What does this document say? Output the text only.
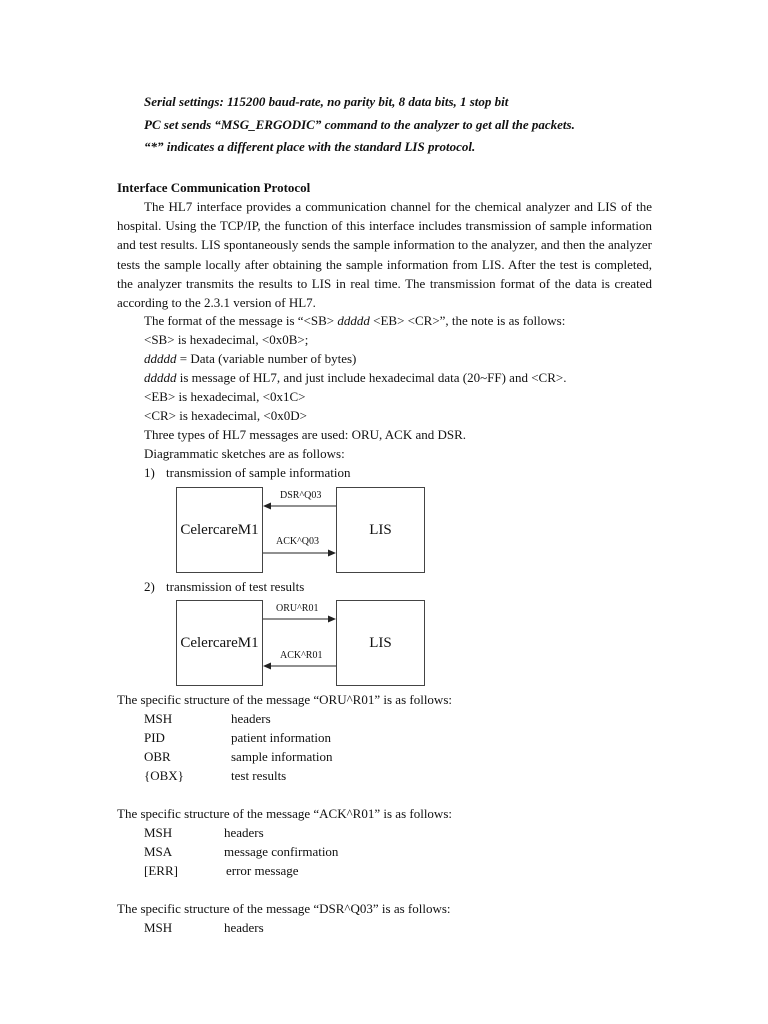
Serial settings: 115200 baud-rate, no parity bit, 8 data bits, 1 stop bit
PC set sends “MSG_ERGODIC” command to the analyzer to get all the packets.
“*” indicates a different place with the standard LIS protocol.
Interface Communication Protocol

The HL7 interface provides a communication channel for the chemical analyzer and LIS of the hospital. Using the TCP/IP, the function of this interface includes transmission of sample information and test results. LIS spontaneously sends the sample information to the analyzer, and then the analyzer tests the sample locally after obtaining the sample information from LIS. After the test is completed, the analyzer transmits the results to LIS in real time. The transmission format of the data is created according to the 2.3.1 version of HL7.

The format of the message is “<SB> ddddd <EB> <CR>”, the note is as follows:
<SB> is hexadecimal, <0x0B>;
ddddd = Data (variable number of bytes)
ddddd is message of HL7, and just include hexadecimal data (20~FF) and <CR>.
<EB> is hexadecimal, <0x1C>
<CR> is hexadecimal, <0x0D>
Three types of HL7 messages are used: ORU, ACK and DSR.
Diagrammatic sketches are as follows:
1) transmission of sample information
CelercareM1	LIS
DSR^Q03
ACK^Q03
2) transmission of test results
CelercareM1	LIS
ORU^R01
ACK^R01
The specific structure of the message “ORU^R01” is as follows:
MSH	headers
PID	patient information
OBR	sample information
{OBX}	test results
The specific structure of the message “ACK^R01” is as follows:
MSH	headers
MSA	message confirmation
[ERR]	error message
The specific structure of the message “DSR^Q03” is as follows:
MSH	headers
